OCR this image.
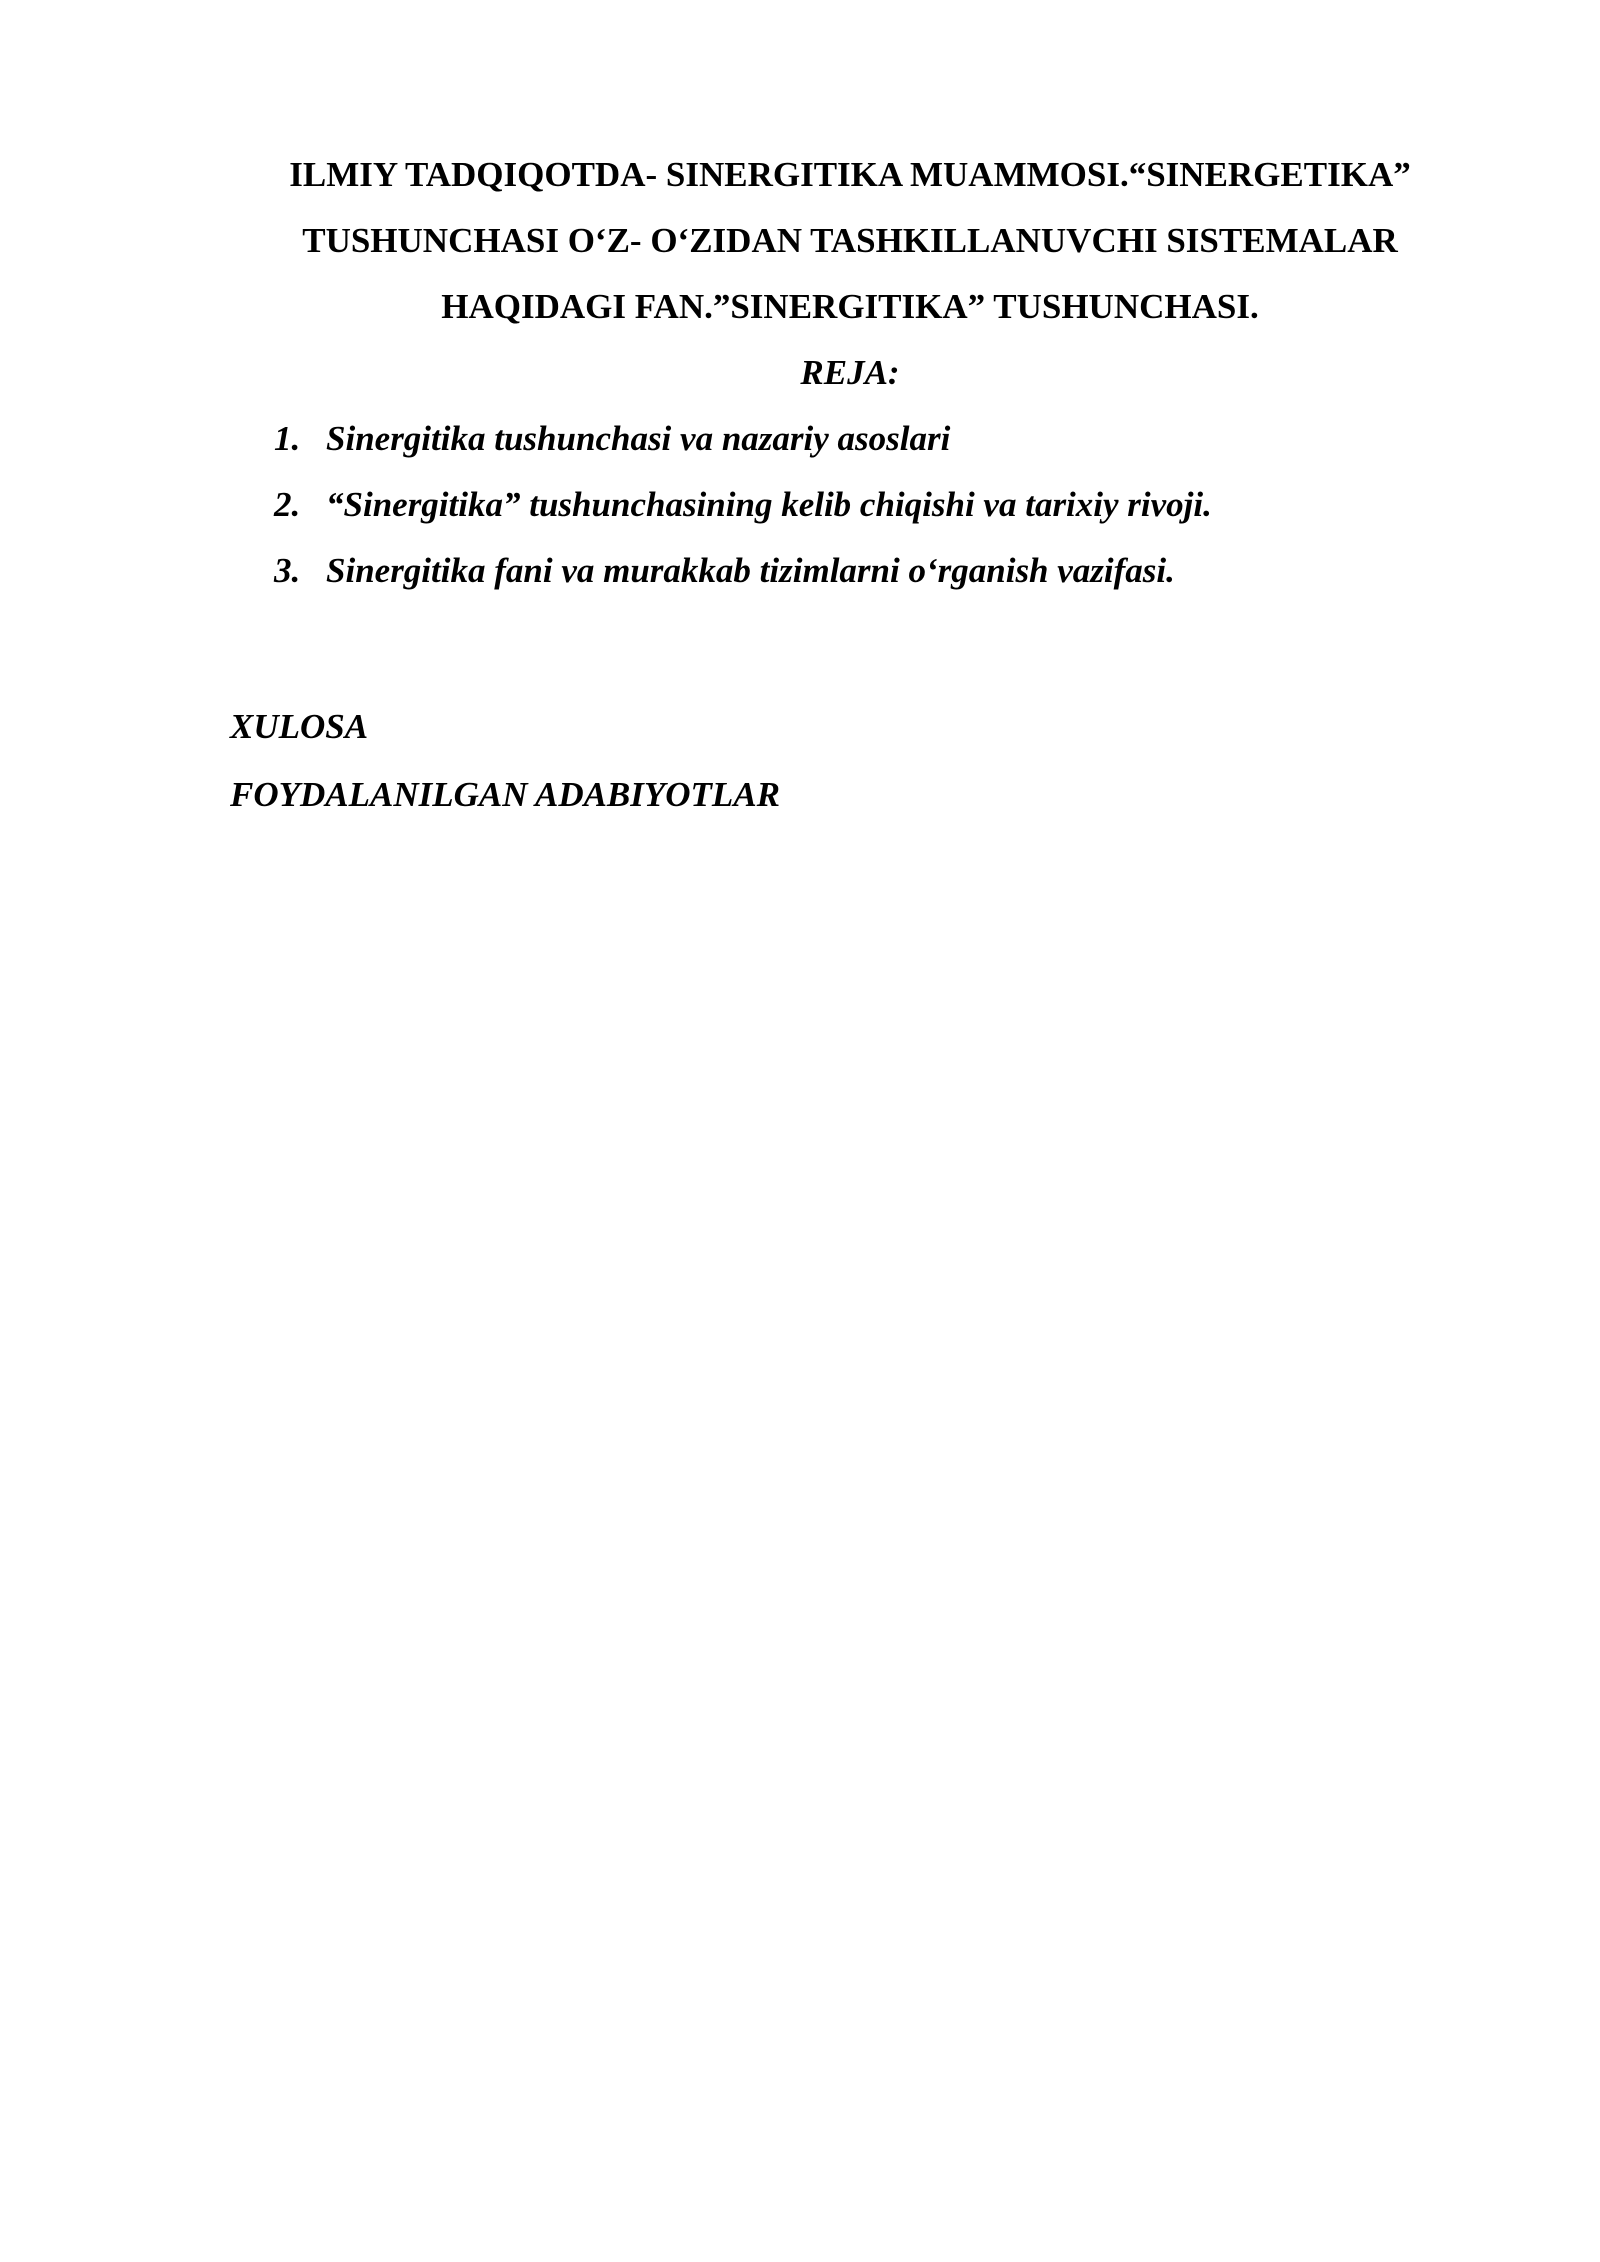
ILMIY TADQIQOTDA- SINERGITIKA MUAMMOSI.“SINERGETIKA”
TUSHUNCHASI O‘Z- O‘ZIDAN TASHKILLANUVCHI SISTEMALAR
HAQIDAGI FAN.”SINERGITIKA” TUSHUNCHASI.
REJA:
1. Sinergitika tushunchasi va nazariy asoslari
2. “Sinergitika” tushunchasining kelib chiqishi va tarixiy rivoji.
3. Sinergitika fani va murakkab tizimlarni o‘rganish vazifasi.

XULOSA

FOYDALANILGAN ADABIYOTLAR
